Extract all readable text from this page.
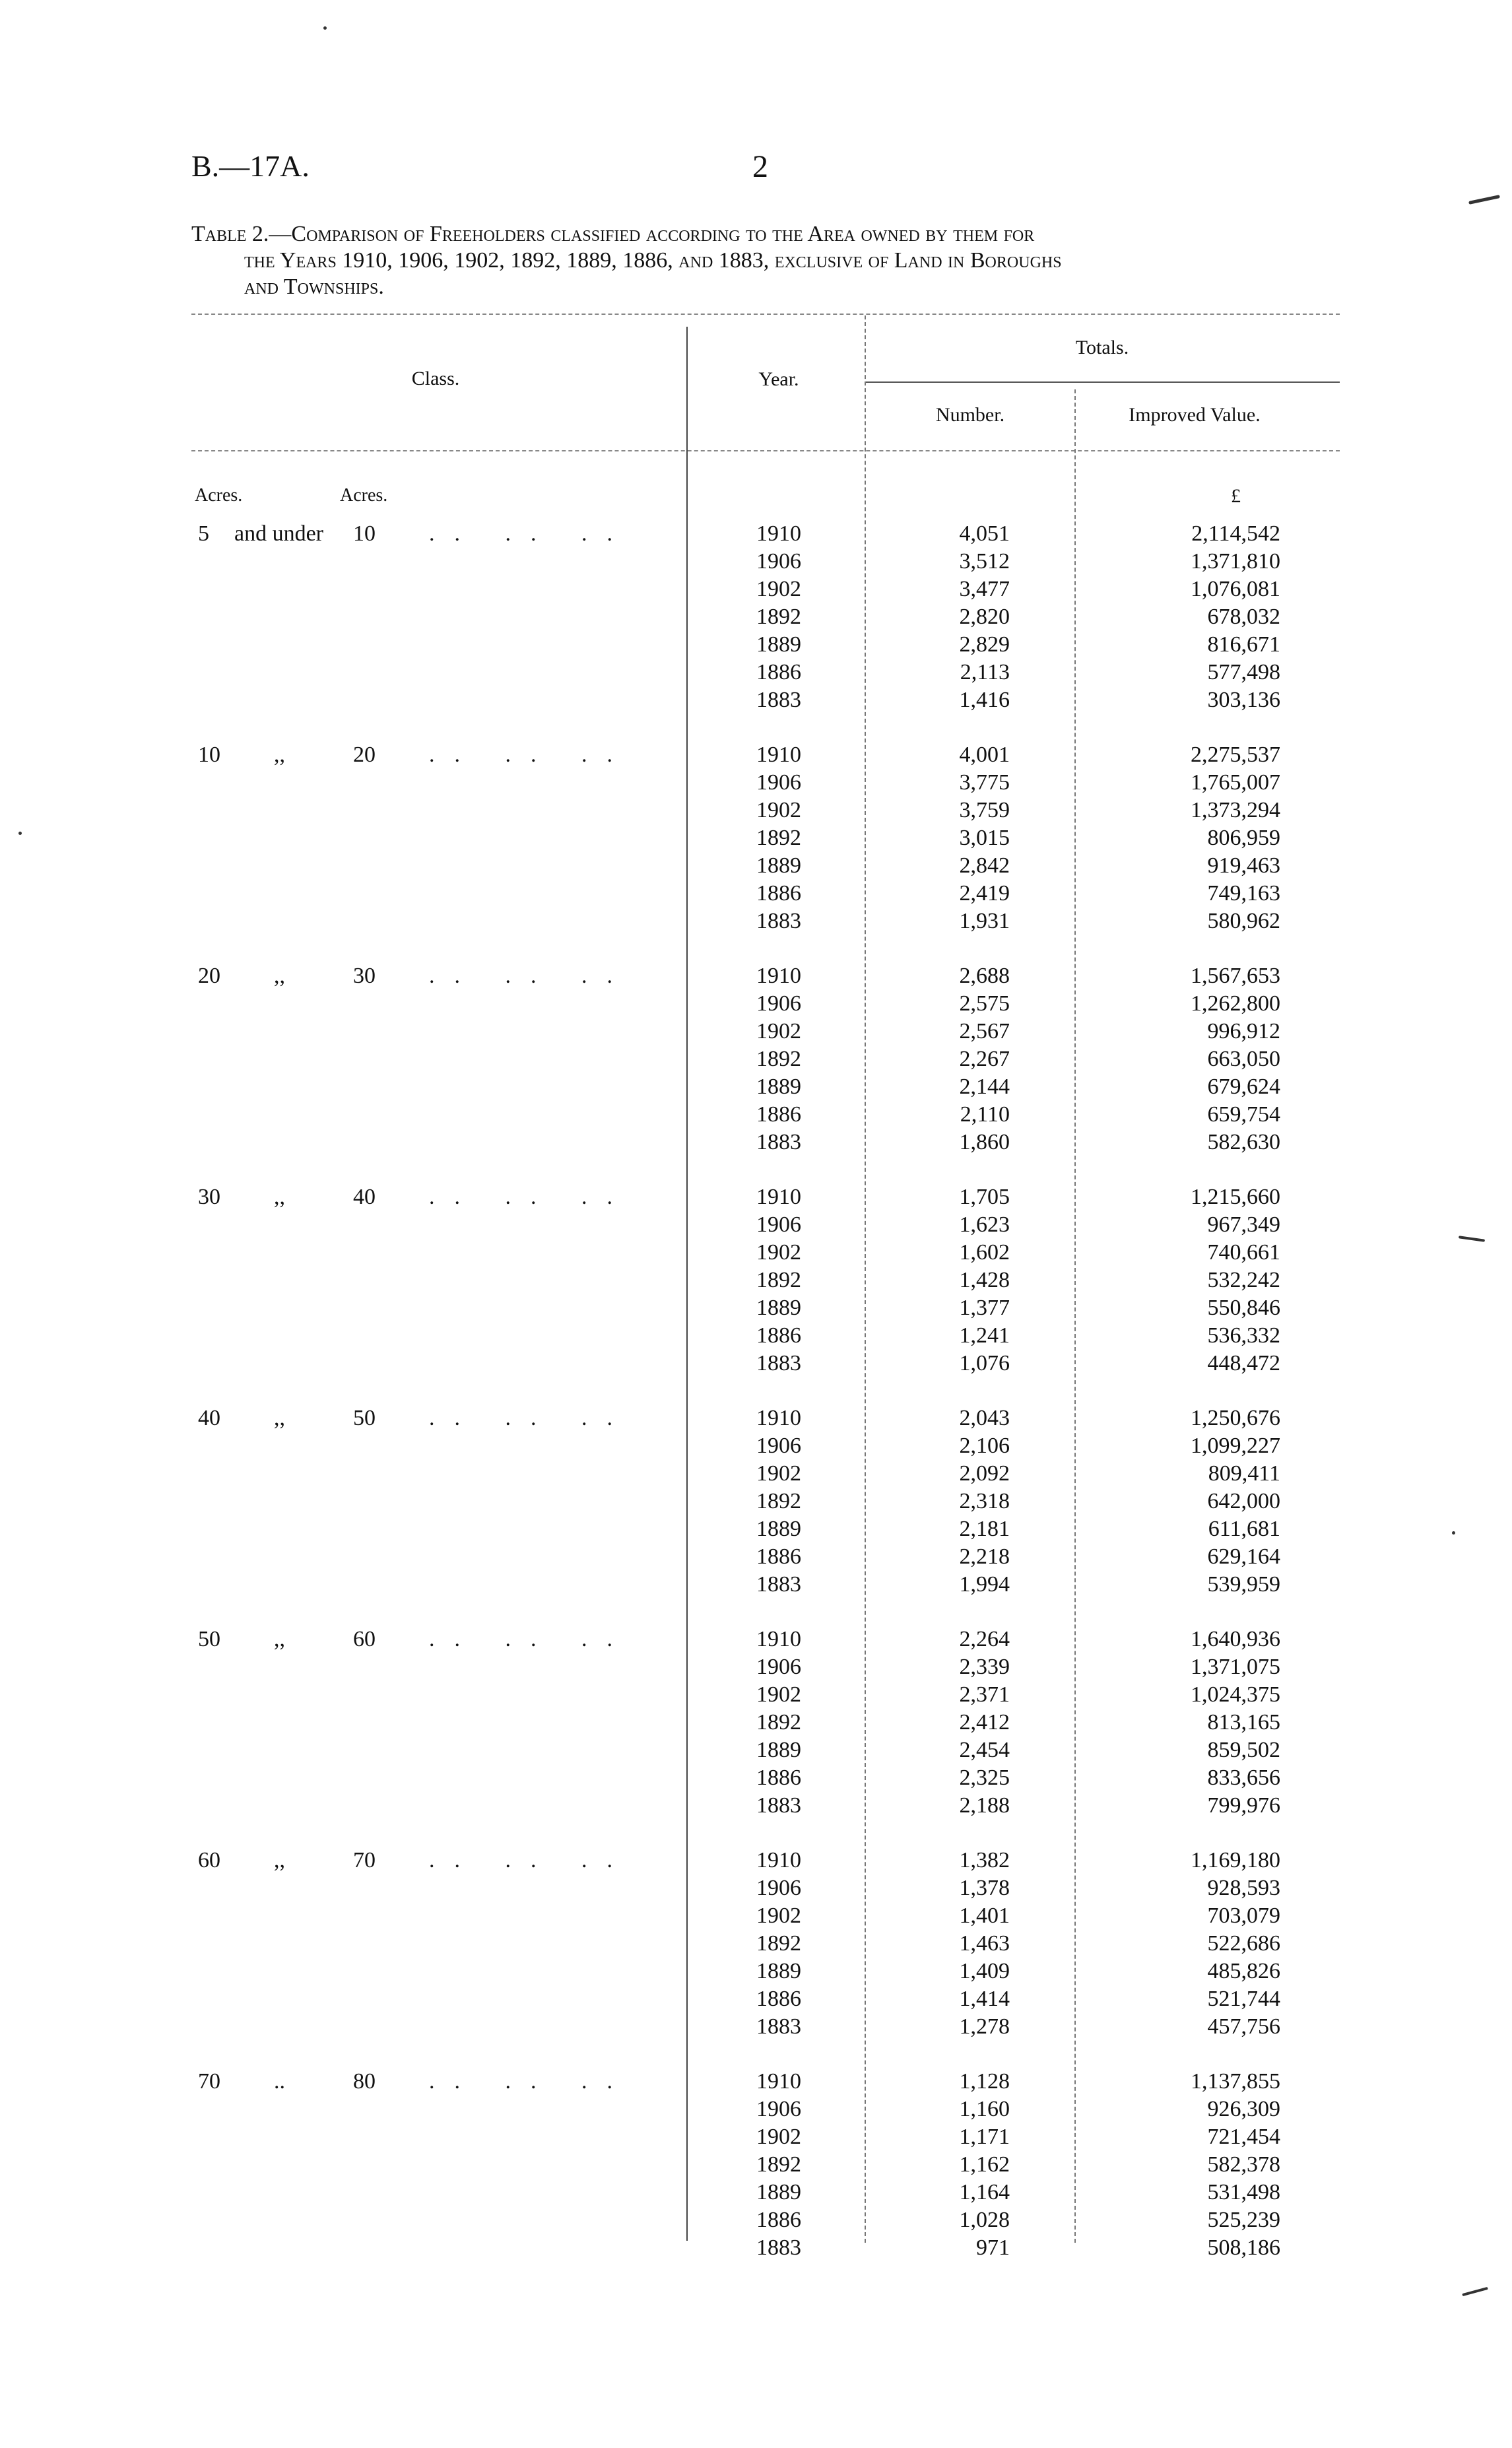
B.—17A.	2
Table 2.—Comparison of Freeholders classified according to the Area owned by them for
the Years 1910, 1906, 1902, 1892, 1889, 1886, and 1883, exclusive of Land in Boroughs
and Townships.
Class.	Year.
Totals.
Number.	Improved Value.
Acres.	Acres.	£
5 and under 10 .. .. ..	1910	4,051	2,114,542
1906	3,512	1,371,810
1902	3,477	1,076,081
1892	2,820	678,032
1889	2,829	816,671
1886	2,113	577,498
1883	1,416	303,136
10 ,,	20 .. .. ..	1910	4,001	2,275,537
1906	3,775	1,765,007
1902	3,759	1,373,294
1892	3,015	806,959
1889	2,842	919,463
1886	2,419	749,163
1883	1,931	580,962
20 ,,	30 .. .. ..	1910	2,688	1,567,653
1906	2,575	1,262,800
1902	2,567	996,912
1892	2,267	663,050
1889	2,144	679,624
1886	2,110	659,754
1883	1,860	582,630
30 ,,	40 .. .. ..	1910	1,705	1,215,660
1906	1,623	967,349
1902	1,602	740,661
1892	1,428	532,242
1889	1,377	550,846
1886	1,241	536,332
1883	1,076	448,472
40 ,,	50 .. .. ..	1910	2,043	1,250,676
1906	2,106	1,099,227
1902	2,092	809,411
1892	2,318	642,000
1889	2,181	611,681
1886	2,218	629,164
1883	1,994	539,959
50 ,,	60 .. .. ..	1910	2,264	1,640,936
1906	2,339	1,371,075
1902	2,371	1,024,375
1892	2,412	813,165
1889	2,454	859,502
1886	2,325	833,656
1883	2,188	799,976
60 ,,	70 .. .. ..	1910	1,382	1,169,180
1906	1,378	928,593
1902	1,401	703,079
1892	1,463	522,686
1889	1,409	485,826
1886	1,414	521,744
1883	1,278	457,756
70 ..	80 .. .. ..	1910	1,128	1,137,855
1906	1,160	926,309
1902	1,171	721,454
1892	1,162	582,378
1889	1,164	531,498
1886	1,028	525,239
1883	971	508,186
